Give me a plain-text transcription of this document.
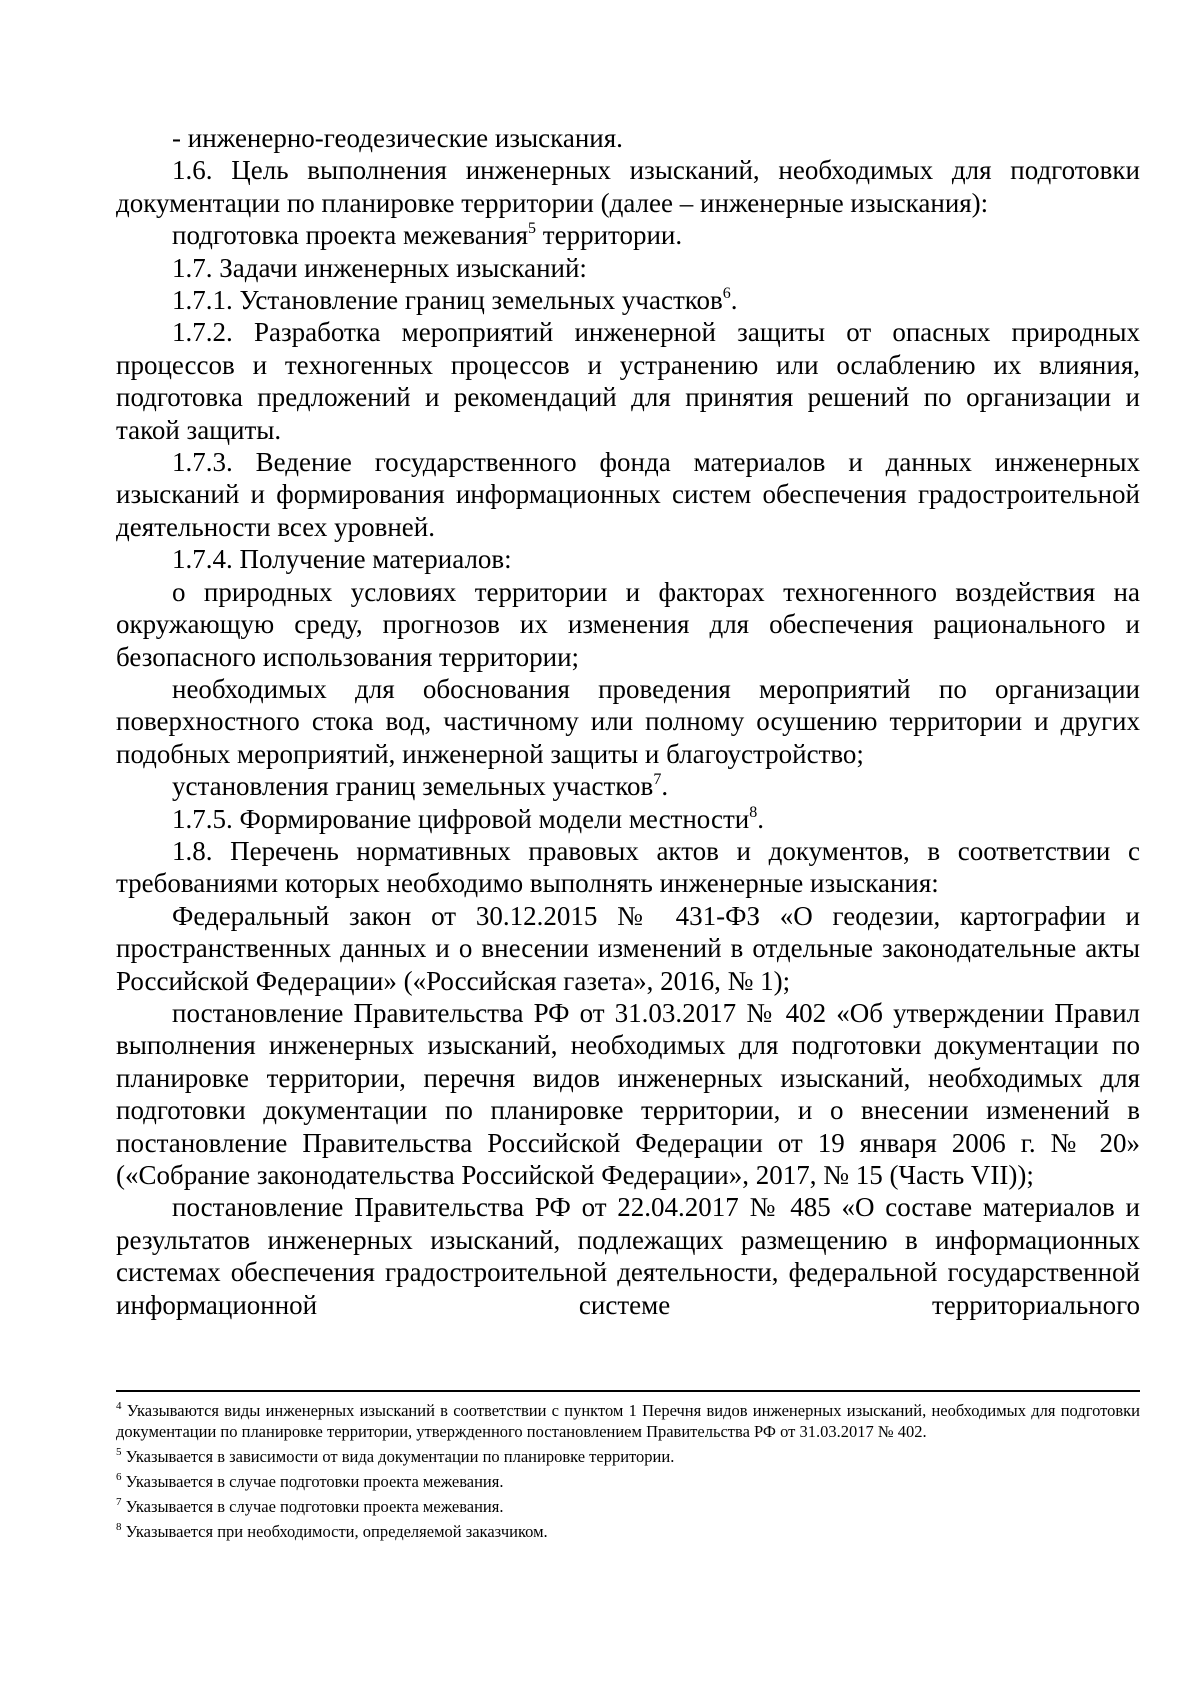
- инженерно-геодезические изыскания.

1.6. Цель выполнения инженерных изысканий, необходимых для подготовки документации по планировке территории (далее – инженерные изыскания):

подготовка проекта межевания$^5$ территории.

1.7. Задачи инженерных изысканий:

1.7.1. Установление границ земельных участков$^6$.

1.7.2. Разработка мероприятий инженерной защиты от опасных природных процессов и техногенных процессов и устранению или ослаблению их влияния, подготовка предложений и рекомендаций для принятия решений по организации и такой защиты.

1.7.3. Ведение государственного фонда материалов и данных инженерных изысканий и формирования информационных систем обеспечения градостроительной деятельности всех уровней.

1.7.4. Получение материалов:

о природных условиях территории и факторах техногенного воздействия на окружающую среду, прогнозов их изменения для обеспечения рационального и безопасного использования территории;

необходимых для обоснования проведения мероприятий по организации поверхностного стока вод, частичному или полному осушению территории и других подобных мероприятий, инженерной защиты и благоустройство;

установления границ земельных участков$^7$.

1.7.5. Формирование цифровой модели местности$^8$.

1.8. Перечень нормативных правовых актов и документов, в соответствии с требованиями которых необходимо выполнять инженерные изыскания:

Федеральный закон от 30.12.2015 № 431-ФЗ «О геодезии, картографии и пространственных данных и о внесении изменений в отдельные законодательные акты Российской Федерации» («Российская газета», 2016, № 1);

постановление Правительства РФ от 31.03.2017 № 402 «Об утверждении Правил выполнения инженерных изысканий, необходимых для подготовки документации по планировке территории, перечня видов инженерных изысканий, необходимых для подготовки документации по планировке территории, и о внесении изменений в постановление Правительства Российской Федерации от 19 января 2006 г. № 20» («Собрание законодательства Российской Федерации», 2017, № 15 (Часть VII));

постановление Правительства РФ от 22.04.2017 № 485 «О составе материалов и результатов инженерных изысканий, подлежащих размещению в информационных системах обеспечения градостроительной деятельности, федеральной государственной информационной системе территориального

$^4$ Указываются виды инженерных изысканий в соответствии с пунктом 1 Перечня видов инженерных изысканий, необходимых для подготовки документации по планировке территории, утвержденного постановлением Правительства РФ от 31.03.2017 № 402.

$^5$ Указывается в зависимости от вида документации по планировке территории.

$^6$ Указывается в случае подготовки проекта межевания.

$^7$ Указывается в случае подготовки проекта межевания.

$^8$ Указывается при необходимости, определяемой заказчиком.
